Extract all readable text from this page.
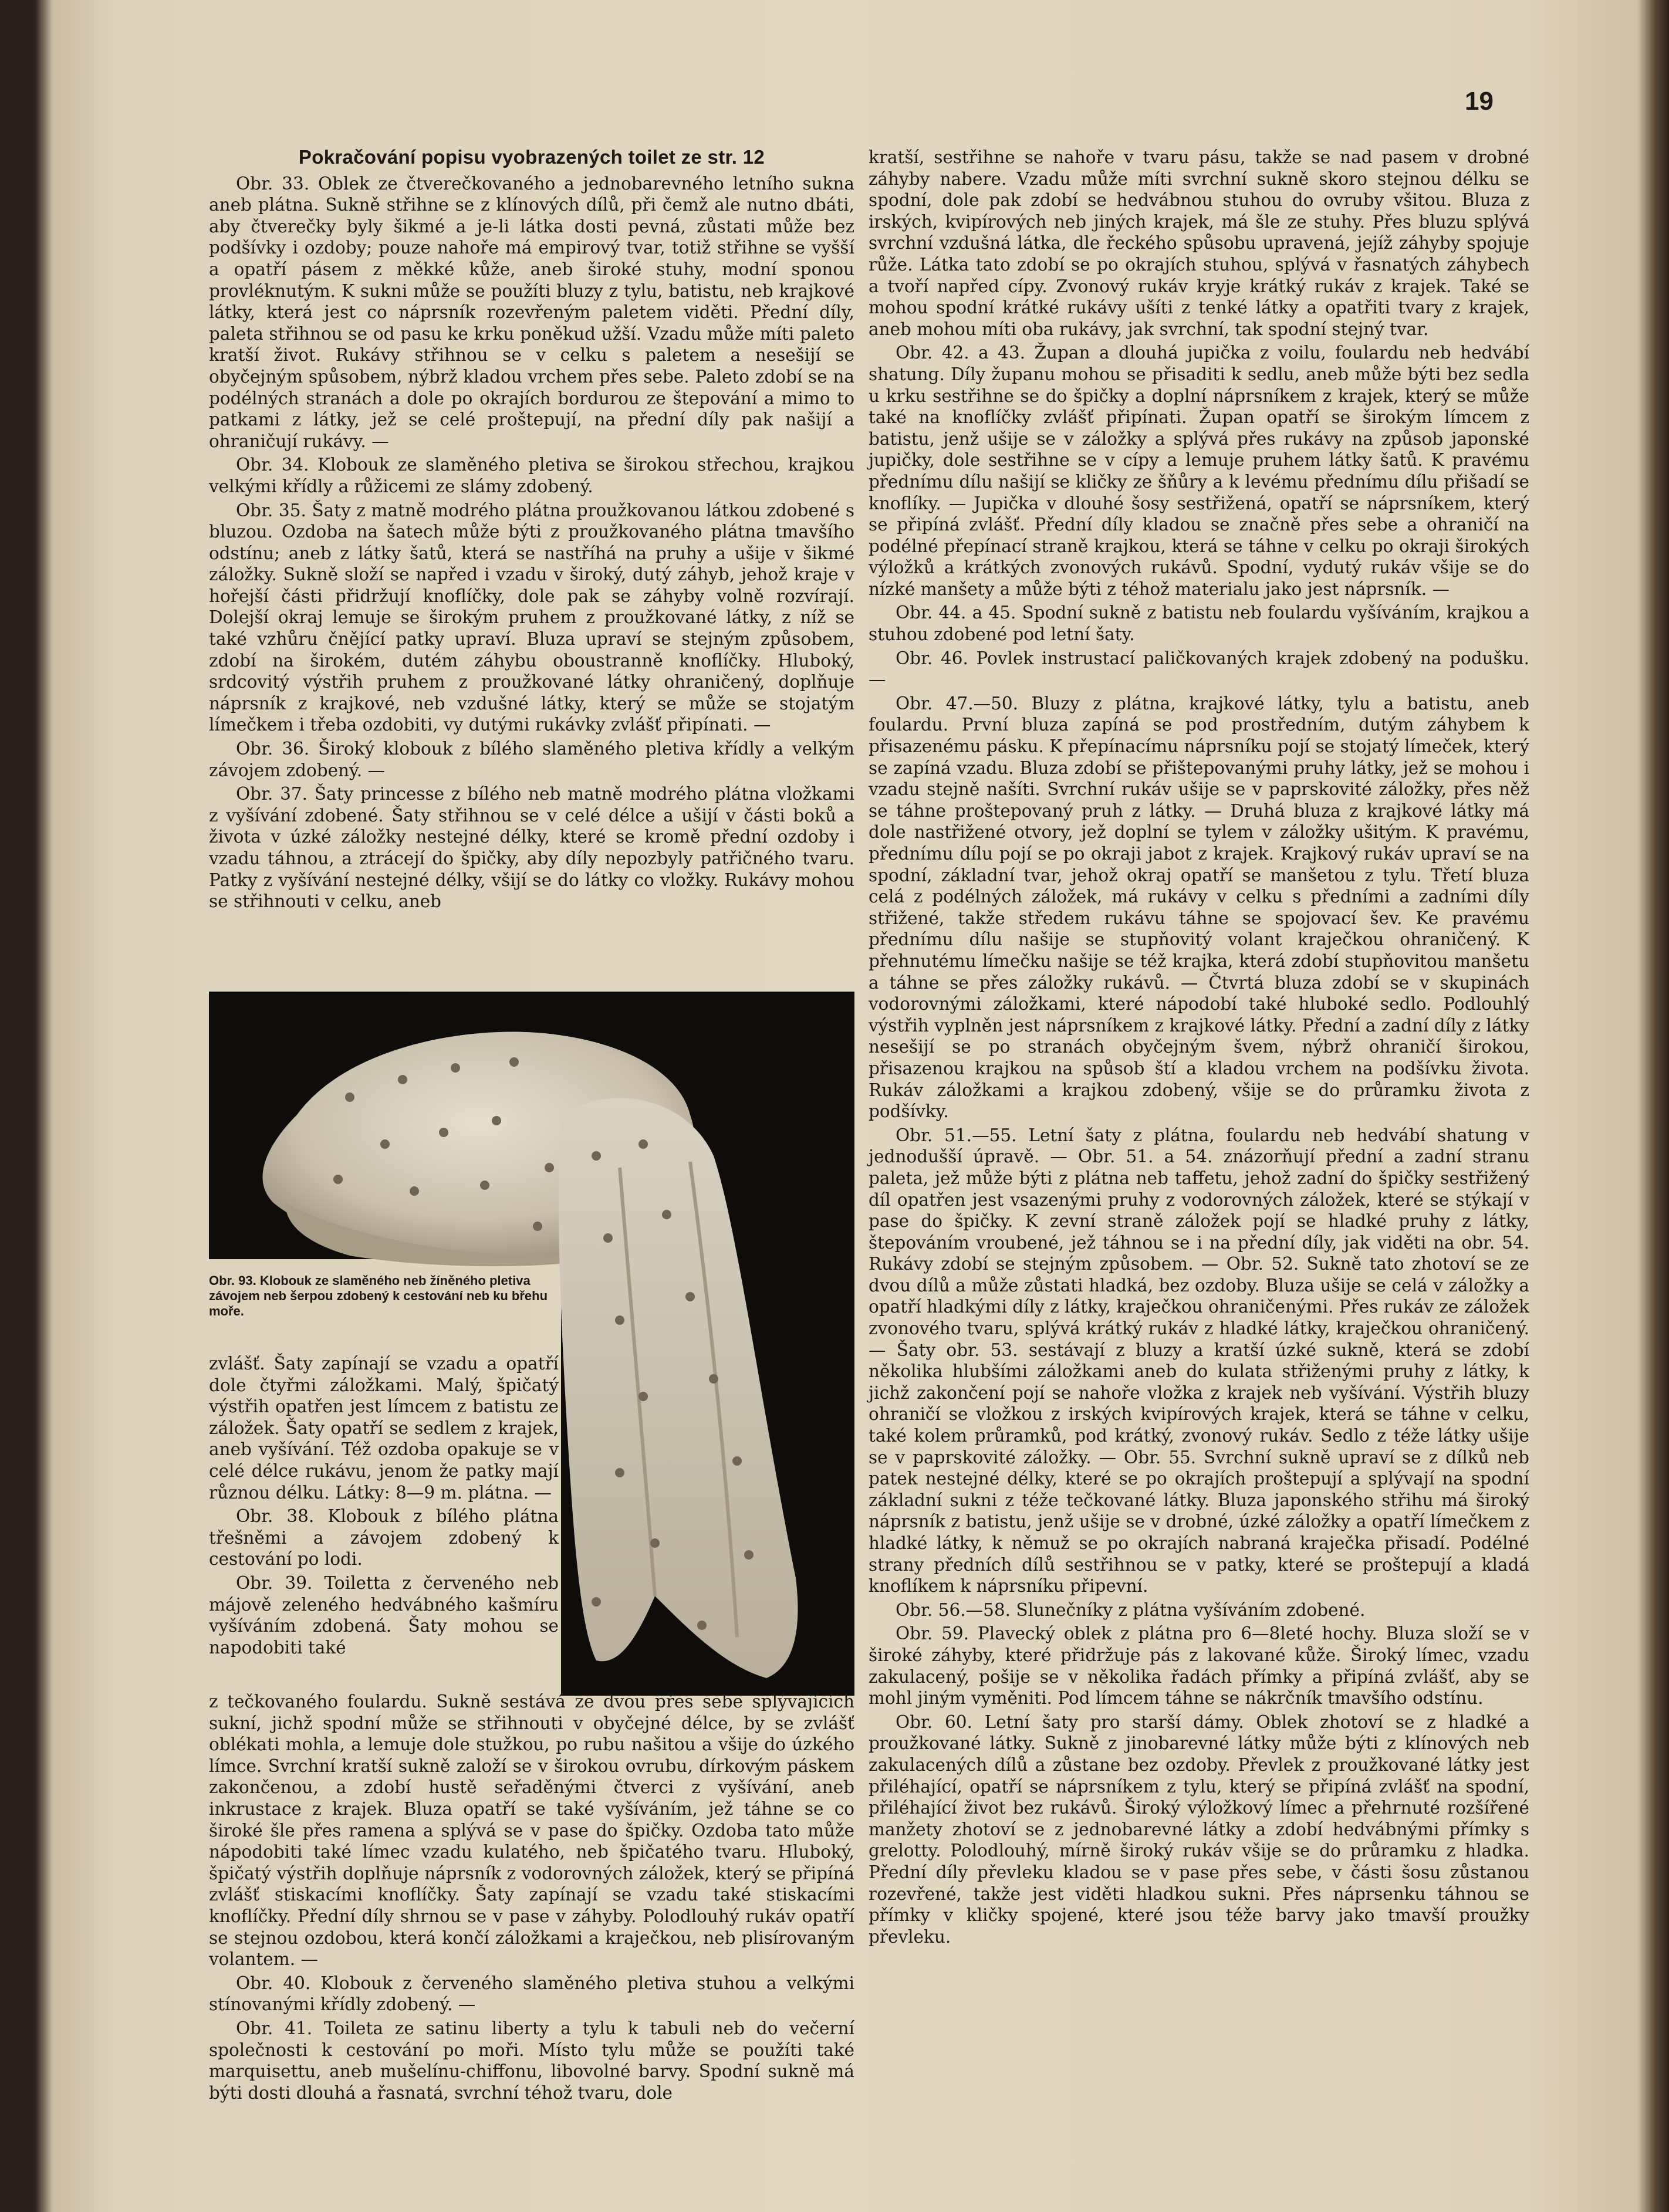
19
Pokračování popisu vyobrazených toilet ze str. 12

Obr. 33. Oblek ze čtverečkovaného a jednobarevného letního sukna aneb plátna. Sukně střihne se z klínových dílů, při čemž ale nutno dbáti, aby čtverečky byly šikmé a je-li látka dosti pevná, zůstati může bez podšívky i ozdoby; pouze nahoře má empirový tvar, totiž střihne se vyšší a opatří pásem z měkké kůže, aneb široké stuhy, modní sponou provléknutým. K sukni může se použíti bluzy z tylu, batistu, neb krajkové látky, která jest co náprsník rozevřeným paletem viděti. Přední díly, paleta střihnou se od pasu ke krku poněkud užší. Vzadu může míti paleto kratší život. Rukávy střihnou se v celku s paletem a nesešijí se obyčejným spůsobem, nýbrž kladou vrchem přes sebe. Paleto zdobí se na podélných stranách a dole po okrajích bordurou ze štepování a mimo to patkami z látky, jež se celé proštepují, na přední díly pak našijí a ohraničují rukávy. —

Obr. 34. Klobouk ze slaměného pletiva se širokou střechou, krajkou velkými křídly a růžicemi ze slámy zdobený.

Obr. 35. Šaty z matně modrého plátna proužkovanou látkou zdobené s bluzou. Ozdoba na šatech může býti z proužkovaného plátna tmavšího odstínu; aneb z látky šatů, která se nastříhá na pruhy a ušije v šikmé záložky. Sukně složí se napřed i vzadu v široký, dutý záhyb, jehož kraje v hořejší části přidržují knoflíčky, dole pak se záhyby volně rozvírají. Dolejší okraj lemuje se širokým pruhem z proužkované látky, z níž se také vzhůru čnějící patky upraví. Bluza upraví se stejným způsobem, zdobí na širokém, dutém záhybu oboustranně knoflíčky. Hluboký, srdcovitý výstřih pruhem z proužkované látky ohraničený, doplňuje náprsník z krajkové, neb vzdušné látky, který se může se stojatým límečkem i třeba ozdobiti, vy dutými rukávky zvlášť připínati. —

Obr. 36. Široký klobouk z bílého slaměného pletiva křídly a velkým závojem zdobený. —

Obr. 37. Šaty princesse z bílého neb matně modrého plátna vložkami z vyšívání zdobené. Šaty střihnou se v celé délce a ušijí v části boků a života v úzké záložky nestejné délky, které se kromě přední ozdoby i vzadu táhnou, a ztrácejí do špičky, aby díly nepozbyly patřičného tvaru. Patky z vyšívání nestejné délky, všijí se do látky co vložky. Rukávy mohou se střihnouti v celku, aneb

Obr. 93. Klobouk ze slaměného neb žíněného pletiva závojem neb šerpou zdobený k cestování neb ku břehu moře.

zvlášť. Šaty zapínají se vzadu a opatří dole čtyřmi záložkami. Malý, špičatý výstřih opatřen jest límcem z batistu ze záložek. Šaty opatří se sedlem z krajek, aneb vyšívání. Též ozdoba opakuje se v celé délce rukávu, jenom že patky mají různou délku. Látky: 8—9 m. plátna. —

Obr. 38. Klobouk z bílého plátna třešněmi a závojem zdobený k cestování po lodi.

Obr. 39. Toiletta z červeného neb májově zeleného hedvábného kašmíru vyšíváním zdobená. Šaty mohou se napodobiti také

z tečkovaného foulardu. Sukně sestává ze dvou přes sebe splývajících sukní, jichž spodní může se střihnouti v obyčejné délce, by se zvlášť oblékati mohla, a lemuje dole stužkou, po rubu našitou a všije do úzkého límce. Svrchní kratší sukně založí se v širokou ovrubu, dírkovým páskem zakončenou, a zdobí hustě seřaděnými čtverci z vyšívání, aneb inkrustace z krajek. Bluza opatří se také vyšíváním, jež táhne se co široké šle přes ramena a splývá se v pase do špičky. Ozdoba tato může nápodobiti také límec vzadu kulatého, neb špičatého tvaru. Hluboký, špičatý výstřih doplňuje náprsník z vodorovných záložek, který se připíná zvlášť stiskacími knoflíčky. Šaty zapínají se vzadu také stiskacími knoflíčky. Přední díly shrnou se v pase v záhyby. Polodlouhý rukáv opatří se stejnou ozdobou, která končí záložkami a kraječkou, neb plisírovaným volantem. —

Obr. 40. Klobouk z červeného slaměného pletiva stuhou a velkými stínovanými křídly zdobený. —

Obr. 41. Toileta ze satinu liberty a tylu k tabuli neb do večerní společnosti k cestování po moři. Místo tylu může se použíti také marquisettu, aneb mušelínu-chiffonu, libovolné barvy. Spodní sukně má býti dosti dlouhá a řasnatá, svrchní téhož tvaru, dole

kratší, sestřihne se nahoře v tvaru pásu, takže se nad pasem v drobné záhyby nabere. Vzadu může míti svrchní sukně skoro stejnou délku se spodní, dole pak zdobí se hedvábnou stuhou do ovruby všitou. Bluza z irských, kvipírových neb jiných krajek, má šle ze stuhy. Přes bluzu splývá svrchní vzdušná látka, dle řeckého spůsobu upravená, jejíž záhyby spojuje růže. Látka tato zdobí se po okrajích stuhou, splývá v řasnatých záhybech a tvoří napřed cípy. Zvonový rukáv kryje krátký rukáv z krajek. Také se mohou spodní krátké rukávy ušíti z tenké látky a opatřiti tvary z krajek, aneb mohou míti oba rukávy, jak svrchní, tak spodní stejný tvar.

Obr. 42. a 43. Župan a dlouhá jupička z voilu, foulardu neb hedvábí shatung. Díly županu mohou se přisaditi k sedlu, aneb může býti bez sedla u krku sestřihne se do špičky a doplní náprsníkem z krajek, který se může také na knoflíčky zvlášť připínati. Župan opatří se širokým límcem z batistu, jenž ušije se v záložky a splývá přes rukávy na způsob japonské jupičky, dole sestřihne se v cípy a lemuje pruhem látky šatů. K pravému přednímu dílu našijí se kličky ze šňůry a k levému přednímu dílu přišadí se knoflíky. — Jupička v dlouhé šosy sestřižená, opatří se náprsníkem, který se připíná zvlášť. Přední díly kladou se značně přes sebe a ohraničí na podélné přepínací straně krajkou, která se táhne v celku po okraji širokých výložků a krátkých zvonových rukávů. Spodní, vydutý rukáv všije se do nízké manšety a může býti z téhož materialu jako jest náprsník. —

Obr. 44. a 45. Spodní sukně z batistu neb foulardu vyšíváním, krajkou a stuhou zdobené pod letní šaty.

Obr. 46. Povlek instrustací paličkovaných krajek zdobený na podušku. —

Obr. 47.—50. Bluzy z plátna, krajkové látky, tylu a batistu, aneb foulardu. První bluza zapíná se pod prostředním, dutým záhybem k přisazenému pásku. K přepínacímu náprsníku pojí se stojatý límeček, který se zapíná vzadu. Bluza zdobí se přištepovanými pruhy látky, jež se mohou i vzadu stejně našíti. Svrchní rukáv ušije se v paprskovité záložky, přes něž se táhne proštepovaný pruh z látky. — Druhá bluza z krajkové látky má dole nastřižené otvory, jež doplní se tylem v záložky ušitým. K pravému, přednímu dílu pojí se po okraji jabot z krajek. Krajkový rukáv upraví se na spodní, základní tvar, jehož okraj opatří se manšetou z tylu. Třetí bluza celá z podélných záložek, má rukávy v celku s předními a zadními díly střižené, takže středem rukávu táhne se spojovací šev. Ke pravému přednímu dílu našije se stupňovitý volant kraječkou ohraničený. K přehnutému límečku našije se též krajka, která zdobí stupňovitou manšetu a táhne se přes záložky rukávů. — Čtvrtá bluza zdobí se v skupinách vodorovnými záložkami, které nápodobí také hluboké sedlo. Podlouhlý výstřih vyplněn jest náprsníkem z krajkové látky. Přední a zadní díly z látky nesešijí se po stranách obyčejným švem, nýbrž ohraničí širokou, přisazenou krajkou na spůsob ští a kladou vrchem na podšívku života. Rukáv záložkami a krajkou zdobený, všije se do průramku života z podšívky.

Obr. 51.—55. Letní šaty z plátna, foulardu neb hedvábí shatung v jednodušší úpravě. — Obr. 51. a 54. znázorňují přední a zadní stranu paleta, jež může býti z plátna neb taffetu, jehož zadní do špičky sestřižený díl opatřen jest vsazenými pruhy z vodorovných záložek, které se stýkají v pase do špičky. K zevní straně záložek pojí se hladké pruhy z látky, štepováním vroubené, jež táhnou se i na přední díly, jak viděti na obr. 54. Rukávy zdobí se stejným způsobem. — Obr. 52. Sukně tato zhotoví se ze dvou dílů a může zůstati hladká, bez ozdoby. Bluza ušije se celá v záložky a opatří hladkými díly z látky, kraječkou ohraničenými. Přes rukáv ze záložek zvonového tvaru, splývá krátký rukáv z hladké látky, kraječkou ohraničený. — Šaty obr. 53. sestávají z bluzy a kratší úzké sukně, která se zdobí několika hlubšími záložkami aneb do kulata střiženými pruhy z látky, k jichž zakončení pojí se nahoře vložka z krajek neb vyšívání. Výstřih bluzy ohraničí se vložkou z irských kvipírových krajek, která se táhne v celku, také kolem průramků, pod krátký, zvonový rukáv. Sedlo z téže látky ušije se v paprskovité záložky. — Obr. 55. Svrchní sukně upraví se z dílků neb patek nestejné délky, které se po okrajích proštepují a splývají na spodní základní sukni z téže tečkované látky. Bluza japonského střihu má široký náprsník z batistu, jenž ušije se v drobné, úzké záložky a opatří límečkem z hladké látky, k němuž se po okrajích nabraná kraječka přisadí. Podélné strany předních dílů sestřihnou se v patky, které se proštepují a kladá knoflíkem k náprsníku připevní.

Obr. 56.—58. Slunečníky z plátna vyšíváním zdobené.

Obr. 59. Plavecký oblek z plátna pro 6—8leté hochy. Bluza složí se v široké záhyby, které přidržuje pás z lakované kůže. Široký límec, vzadu zakulacený, pošije se v několika řadách přímky a připíná zvlášť, aby se mohl jiným vyměniti. Pod límcem táhne se nákrčník tmavšího odstínu.

Obr. 60. Letní šaty pro starší dámy. Oblek zhotoví se z hladké a proužkované látky. Sukně z jinobarevné látky může býti z klínových neb zakulacených dílů a zůstane bez ozdoby. Převlek z proužkované látky jest přiléhající, opatří se náprsníkem z tylu, který se připíná zvlášť na spodní, přiléhající život bez rukávů. Široký výložkový límec a přehrnuté rozšířené manžety zhotoví se z jednobarevné látky a zdobí hedvábnými přímky s grelotty. Polodlouhý, mírně široký rukáv všije se do průramku z hladka. Přední díly převleku kladou se v pase přes sebe, v části šosu zůstanou rozevřené, takže jest viděti hladkou sukni. Přes náprsenku táhnou se přímky v kličky spojené, které jsou téže barvy jako tmavší proužky převleku.
